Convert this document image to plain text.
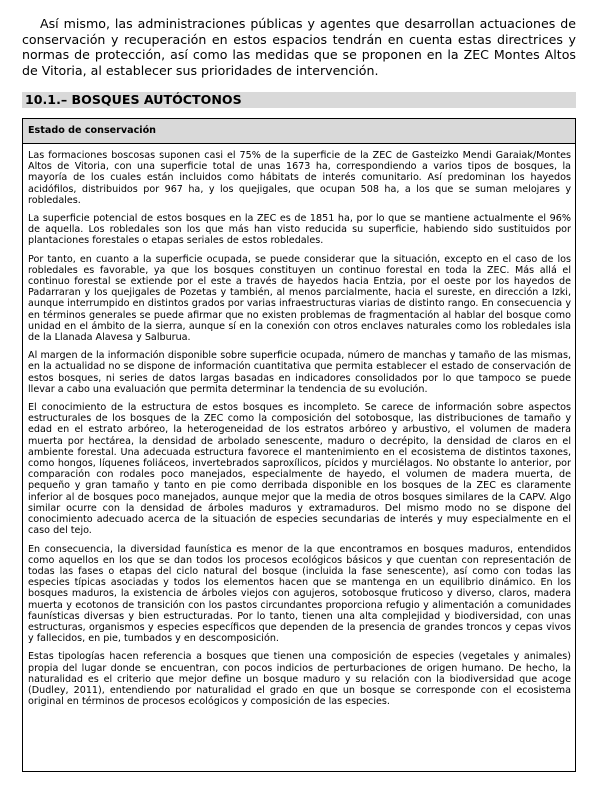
Así mismo, las administraciones públicas y agentes que desarrollan actuaciones de conservación y recuperación en estos espacios tendrán en cuenta estas directrices y normas de protección, así como las medidas que se proponen en la ZEC Montes Altos de Vitoria, al establecer sus prioridades de intervención.

10.1.– BOSQUES AUTÓCTONOS
Estado de conservación

Las formaciones boscosas suponen casi el 75% de la superficie de la ZEC de Gasteizko Mendi Garaiak/Montes Altos de Vitoria, con una superficie total de unas 1673 ha, correspondiendo a varios tipos de bosques, la mayoría de los cuales están incluidos como hábitats de interés comunitario. Así predominan los hayedos acidófilos, distribuidos por 967 ha, y los quejigales, que ocupan 508 ha, a los que se suman melojares y robledales.

La superficie potencial de estos bosques en la ZEC es de 1851 ha, por lo que se mantiene actualmente el 96% de aquella. Los robledales son los que más han visto reducida su superficie, habiendo sido sustituidos por plantaciones forestales o etapas seriales de estos robledales.

Por tanto, en cuanto a la superficie ocupada, se puede considerar que la situación, excepto en el caso de los robledales es favorable, ya que los bosques constituyen un continuo forestal en toda la ZEC. Más allá el continuo forestal se extiende por el este a través de hayedos hacia Entzia, por el oeste por los hayedos de Padarraran y los quejigales de Pozetas y también, al menos parcialmente, hacia el sureste, en dirección a Izki, aunque interrumpido en distintos grados por varias infraestructuras viarias de distinto rango. En consecuencia y en términos generales se puede afirmar que no existen problemas de fragmentación al hablar del bosque como unidad en el ámbito de la sierra, aunque sí en la conexión con otros enclaves naturales como los robledales isla de la Llanada Alavesa y Salburua.

Al margen de la información disponible sobre superficie ocupada, número de manchas y tamaño de las mismas, en la actualidad no se dispone de información cuantitativa que permita establecer el estado de conservación de estos bosques, ni series de datos largas basadas en indicadores consolidados por lo que tampoco se puede llevar a cabo una evaluación que permita determinar la tendencia de su evolución.

El conocimiento de la estructura de estos bosques es incompleto. Se carece de información sobre aspectos estructurales de los bosques de la ZEC como la composición del sotobosque, las distribuciones de tamaño y edad en el estrato arbóreo, la heterogeneidad de los estratos arbóreo y arbustivo, el volumen de madera muerta por hectárea, la densidad de arbolado senescente, maduro o decrépito, la densidad de claros en el ambiente forestal. Una adecuada estructura favorece el mantenimiento en el ecosistema de distintos taxones, como hongos, líquenes foliáceos, invertebrados saproxílicos, pícidos y murciélagos. No obstante lo anterior, por comparación con rodales poco manejados, especialmente de hayedo, el volumen de madera muerta, de pequeño y gran tamaño y tanto en pie como derribada disponible en los bosques de la ZEC es claramente inferior al de bosques poco manejados, aunque mejor que la media de otros bosques similares de la CAPV. Algo similar ocurre con la densidad de árboles maduros y extramaduros. Del mismo modo no se dispone del conocimiento adecuado acerca de la situación de especies secundarias de interés y muy especialmente en el caso del tejo.

En consecuencia, la diversidad faunística es menor de la que encontramos en bosques maduros, entendidos como aquellos en los que se dan todos los procesos ecológicos básicos y que cuentan con representación de todas las fases o etapas del ciclo natural del bosque (incluida la fase senescente), así como con todas las especies típicas asociadas y todos los elementos hacen que se mantenga en un equilibrio dinámico. En los bosques maduros, la existencia de árboles viejos con agujeros, sotobosque fruticoso y diverso, claros, madera muerta y ecotonos de transición con los pastos circundantes proporciona refugio y alimentación a comunidades faunísticas diversas y bien estructuradas. Por lo tanto, tienen una alta complejidad y biodiversidad, con unas estructuras, organismos y especies específicos que dependen de la presencia de grandes troncos y cepas vivos y fallecidos, en pie, tumbados y en descomposición.

Estas tipologías hacen referencia a bosques que tienen una composición de especies (vegetales y animales) propia del lugar donde se encuentran, con pocos indicios de perturbaciones de origen humano. De hecho, la naturalidad es el criterio que mejor define un bosque maduro y su relación con la biodiversidad que acoge (Dudley, 2011), entendiendo por naturalidad el grado en que un bosque se corresponde con el ecosistema original en términos de procesos ecológicos y composición de las especies.
